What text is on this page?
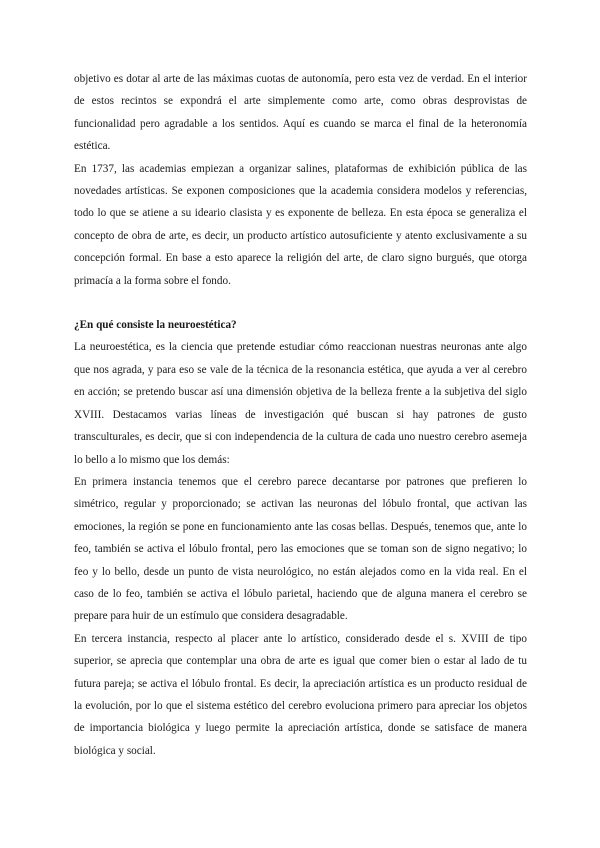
objetivo es dotar al arte de las máximas cuotas de autonomía, pero esta vez de verdad. En el interior de estos recintos se expondrá el arte simplemente como arte, como obras desprovistas de funcionalidad pero agradable a los sentidos. Aquí es cuando se marca el final de la heteronomía estética.

En 1737, las academias empiezan a organizar salines, plataformas de exhibición pública de las novedades artísticas. Se exponen composiciones que la academia considera modelos y referencias, todo lo que se atiene a su ideario clasista y es exponente de belleza. En esta época se generaliza el concepto de obra de arte, es decir, un producto artístico autosuficiente y atento exclusivamente a su concepción formal. En base a esto aparece la religión del arte, de claro signo burgués, que otorga primacía a la forma sobre el fondo.

¿En qué consiste la neuroestética?

La neuroestética, es la ciencia que pretende estudiar cómo reaccionan nuestras neuronas ante algo que nos agrada, y para eso se vale de la técnica de la resonancia estética, que ayuda a ver al cerebro en acción; se pretendo buscar así una dimensión objetiva de la belleza frente a la subjetiva del siglo XVIII. Destacamos varias líneas de investigación qué buscan si hay patrones de gusto transculturales, es decir, que si con independencia de la cultura de cada uno nuestro cerebro asemeja lo bello a lo mismo que los demás:

En primera instancia tenemos que el cerebro parece decantarse por patrones que prefieren lo simétrico, regular y proporcionado; se activan las neuronas del lóbulo frontal, que activan las emociones, la región se pone en funcionamiento ante las cosas bellas. Después, tenemos que, ante lo feo, también se activa el lóbulo frontal, pero las emociones que se toman son de signo negativo; lo feo y lo bello, desde un punto de vista neurológico, no están alejados como en la vida real. En el caso de lo feo, también se activa el lóbulo parietal, haciendo que de alguna manera el cerebro se prepare para huir de un estímulo que considera desagradable.

En tercera instancia, respecto al placer ante lo artístico, considerado desde el s. XVIII de tipo superior, se aprecia que contemplar una obra de arte es igual que comer bien o estar al lado de tu futura pareja; se activa el lóbulo frontal. Es decir, la apreciación artística es un producto residual de la evolución, por lo que el sistema estético del cerebro evoluciona primero para apreciar los objetos de importancia biológica y luego permite la apreciación artística, donde se satisface de manera biológica y social.
